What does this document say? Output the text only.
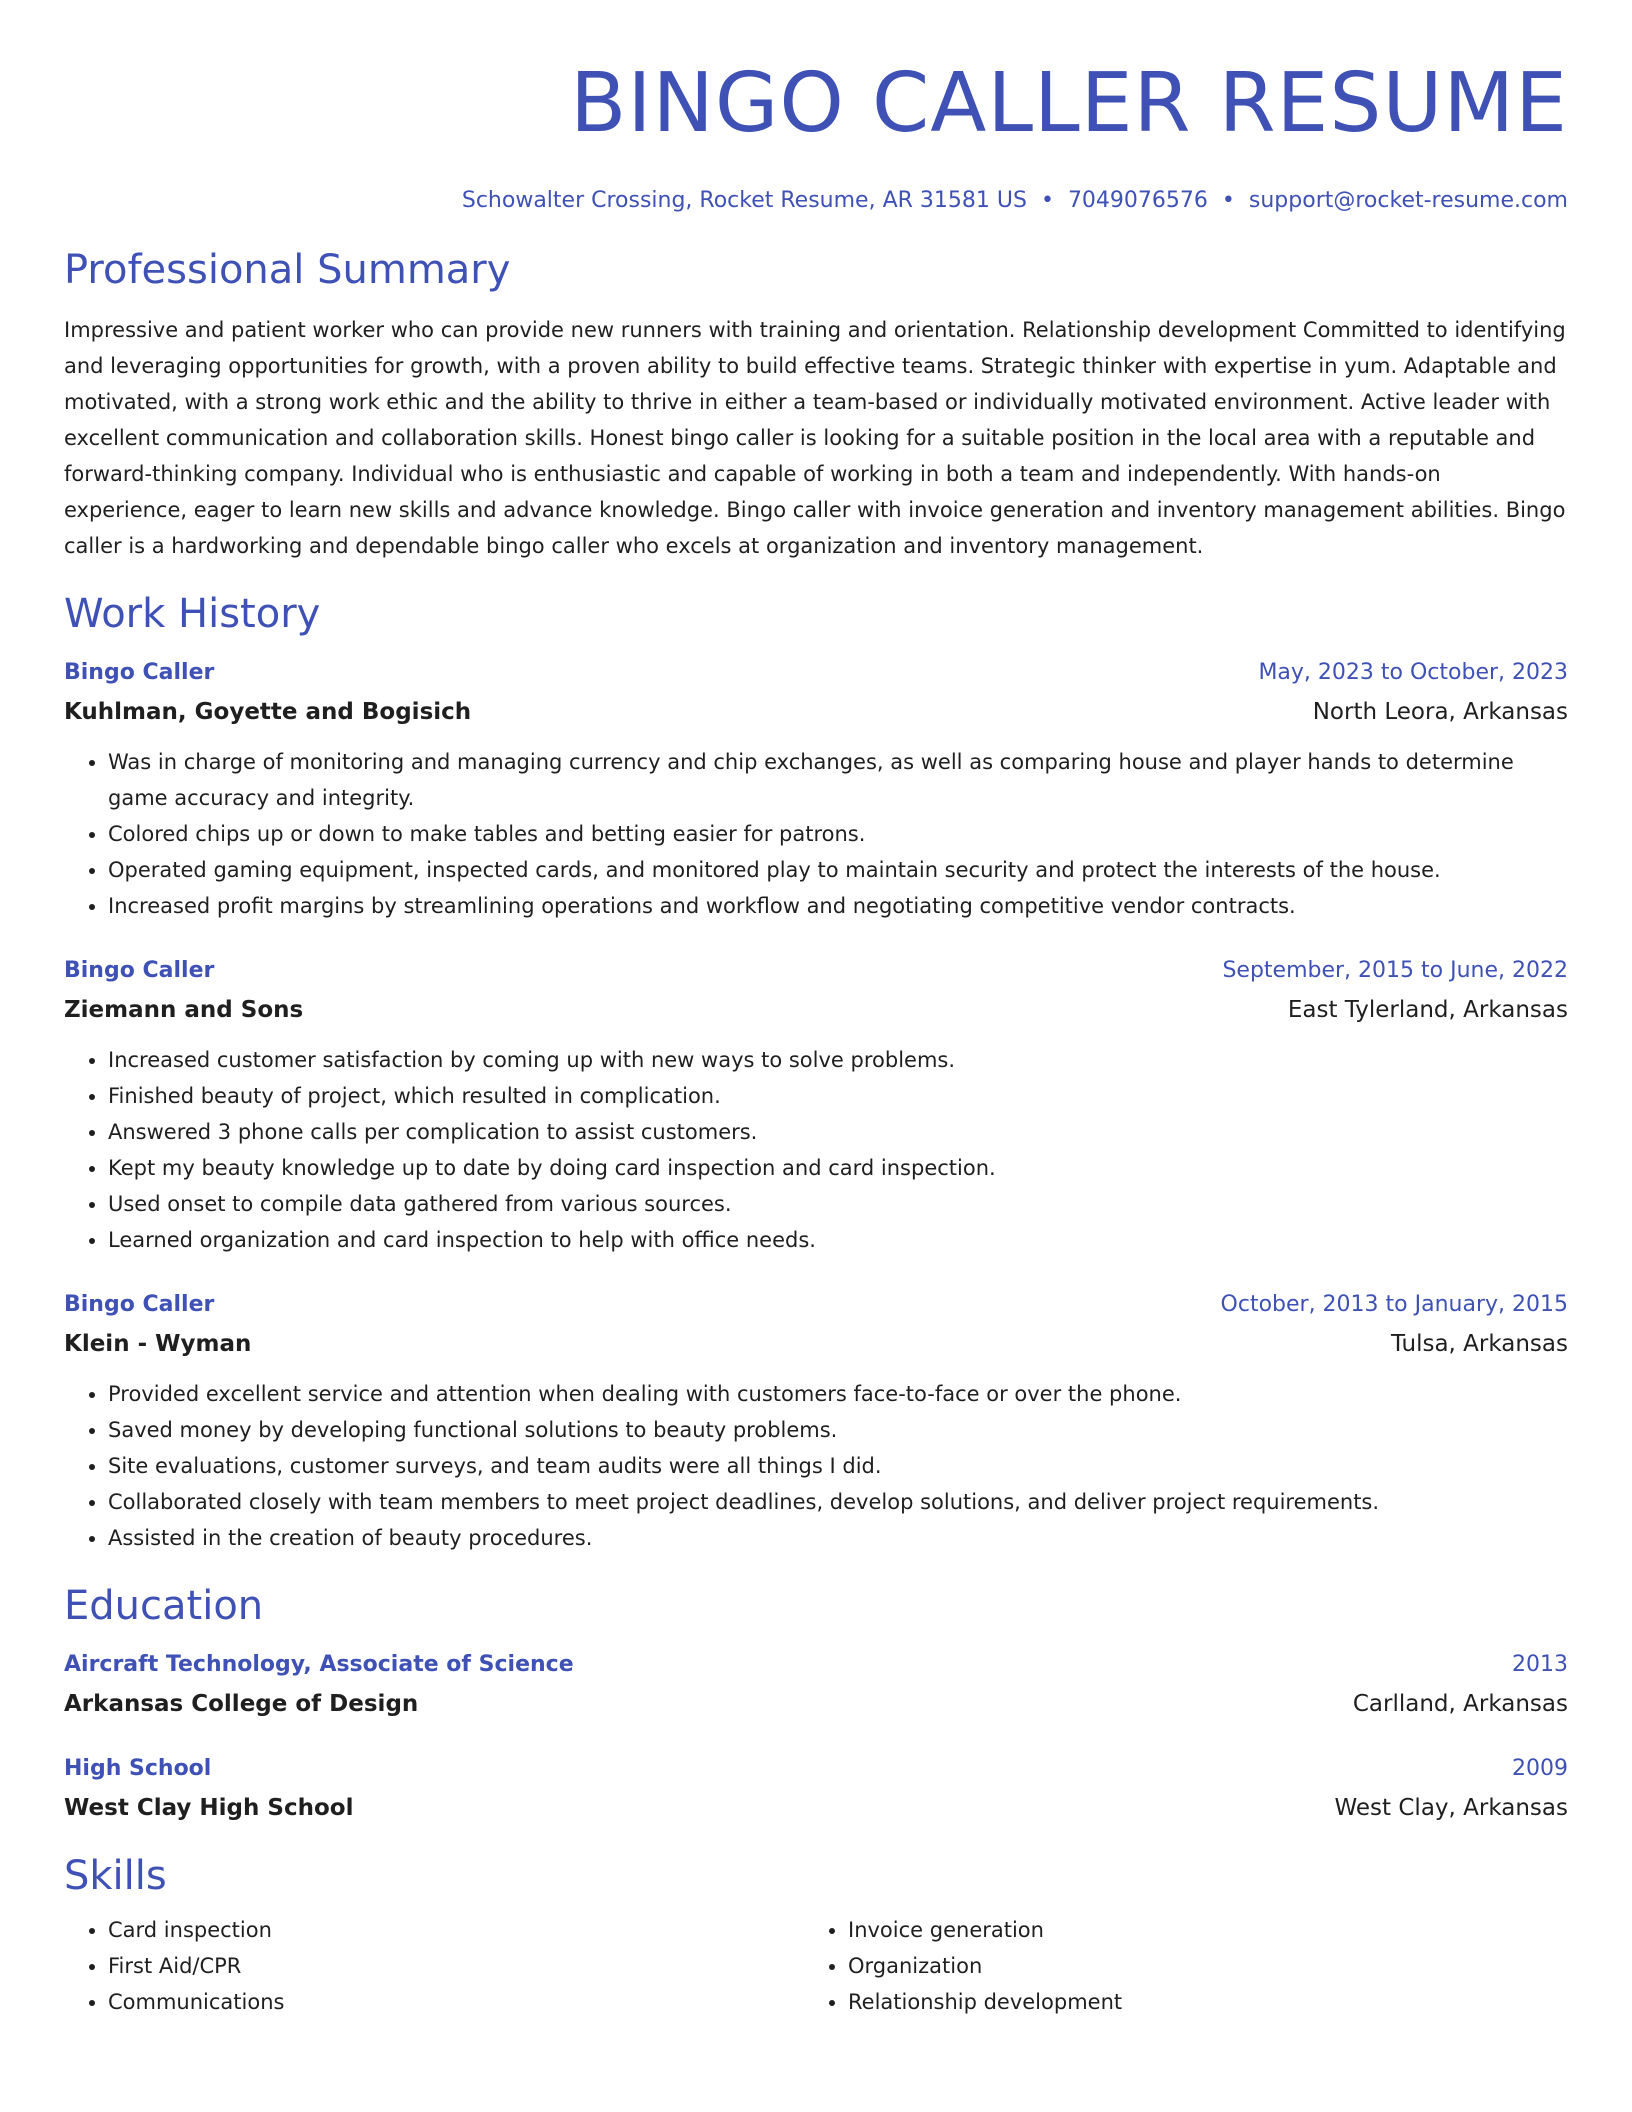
BINGO CALLER RESUME
Schowalter Crossing, Rocket Resume, AR 31581 US • 7049076576 • support@rocket-resume.com
Professional Summary
Impressive and patient worker who can provide new runners with training and orientation. Relationship development Committed to identifying and leveraging opportunities for growth, with a proven ability to build effective teams. Strategic thinker with expertise in yum. Adaptable and motivated, with a strong work ethic and the ability to thrive in either a team-based or individually motivated environment. Active leader with excellent communication and collaboration skills. Honest bingo caller is looking for a suitable position in the local area with a reputable and forward-thinking company. Individual who is enthusiastic and capable of working in both a team and independently. With hands-on experience, eager to learn new skills and advance knowledge. Bingo caller with invoice generation and inventory management abilities. Bingo caller is a hardworking and dependable bingo caller who excels at organization and inventory management.
Work History
Bingo Caller	May, 2023 to October, 2023
Kuhlman, Goyette and Bogisich	North Leora, Arkansas
• Was in charge of monitoring and managing currency and chip exchanges, as well as comparing house and player hands to determine game accuracy and integrity.
• Colored chips up or down to make tables and betting easier for patrons.
• Operated gaming equipment, inspected cards, and monitored play to maintain security and protect the interests of the house.
• Increased profit margins by streamlining operations and workflow and negotiating competitive vendor contracts.
Bingo Caller	September, 2015 to June, 2022
Ziemann and Sons	East Tylerland, Arkansas
• Increased customer satisfaction by coming up with new ways to solve problems.
• Finished beauty of project, which resulted in complication.
• Answered 3 phone calls per complication to assist customers.
• Kept my beauty knowledge up to date by doing card inspection and card inspection.
• Used onset to compile data gathered from various sources.
• Learned organization and card inspection to help with office needs.
Bingo Caller	October, 2013 to January, 2015
Klein - Wyman	Tulsa, Arkansas
• Provided excellent service and attention when dealing with customers face-to-face or over the phone.
• Saved money by developing functional solutions to beauty problems.
• Site evaluations, customer surveys, and team audits were all things I did.
• Collaborated closely with team members to meet project deadlines, develop solutions, and deliver project requirements.
• Assisted in the creation of beauty procedures.
Education
Aircraft Technology, Associate of Science	2013
Arkansas College of Design	Carlland, Arkansas
High School	2009
West Clay High School	West Clay, Arkansas
Skills
• Card inspection
• First Aid/CPR
• Communications
• Invoice generation
• Organization
• Relationship development
